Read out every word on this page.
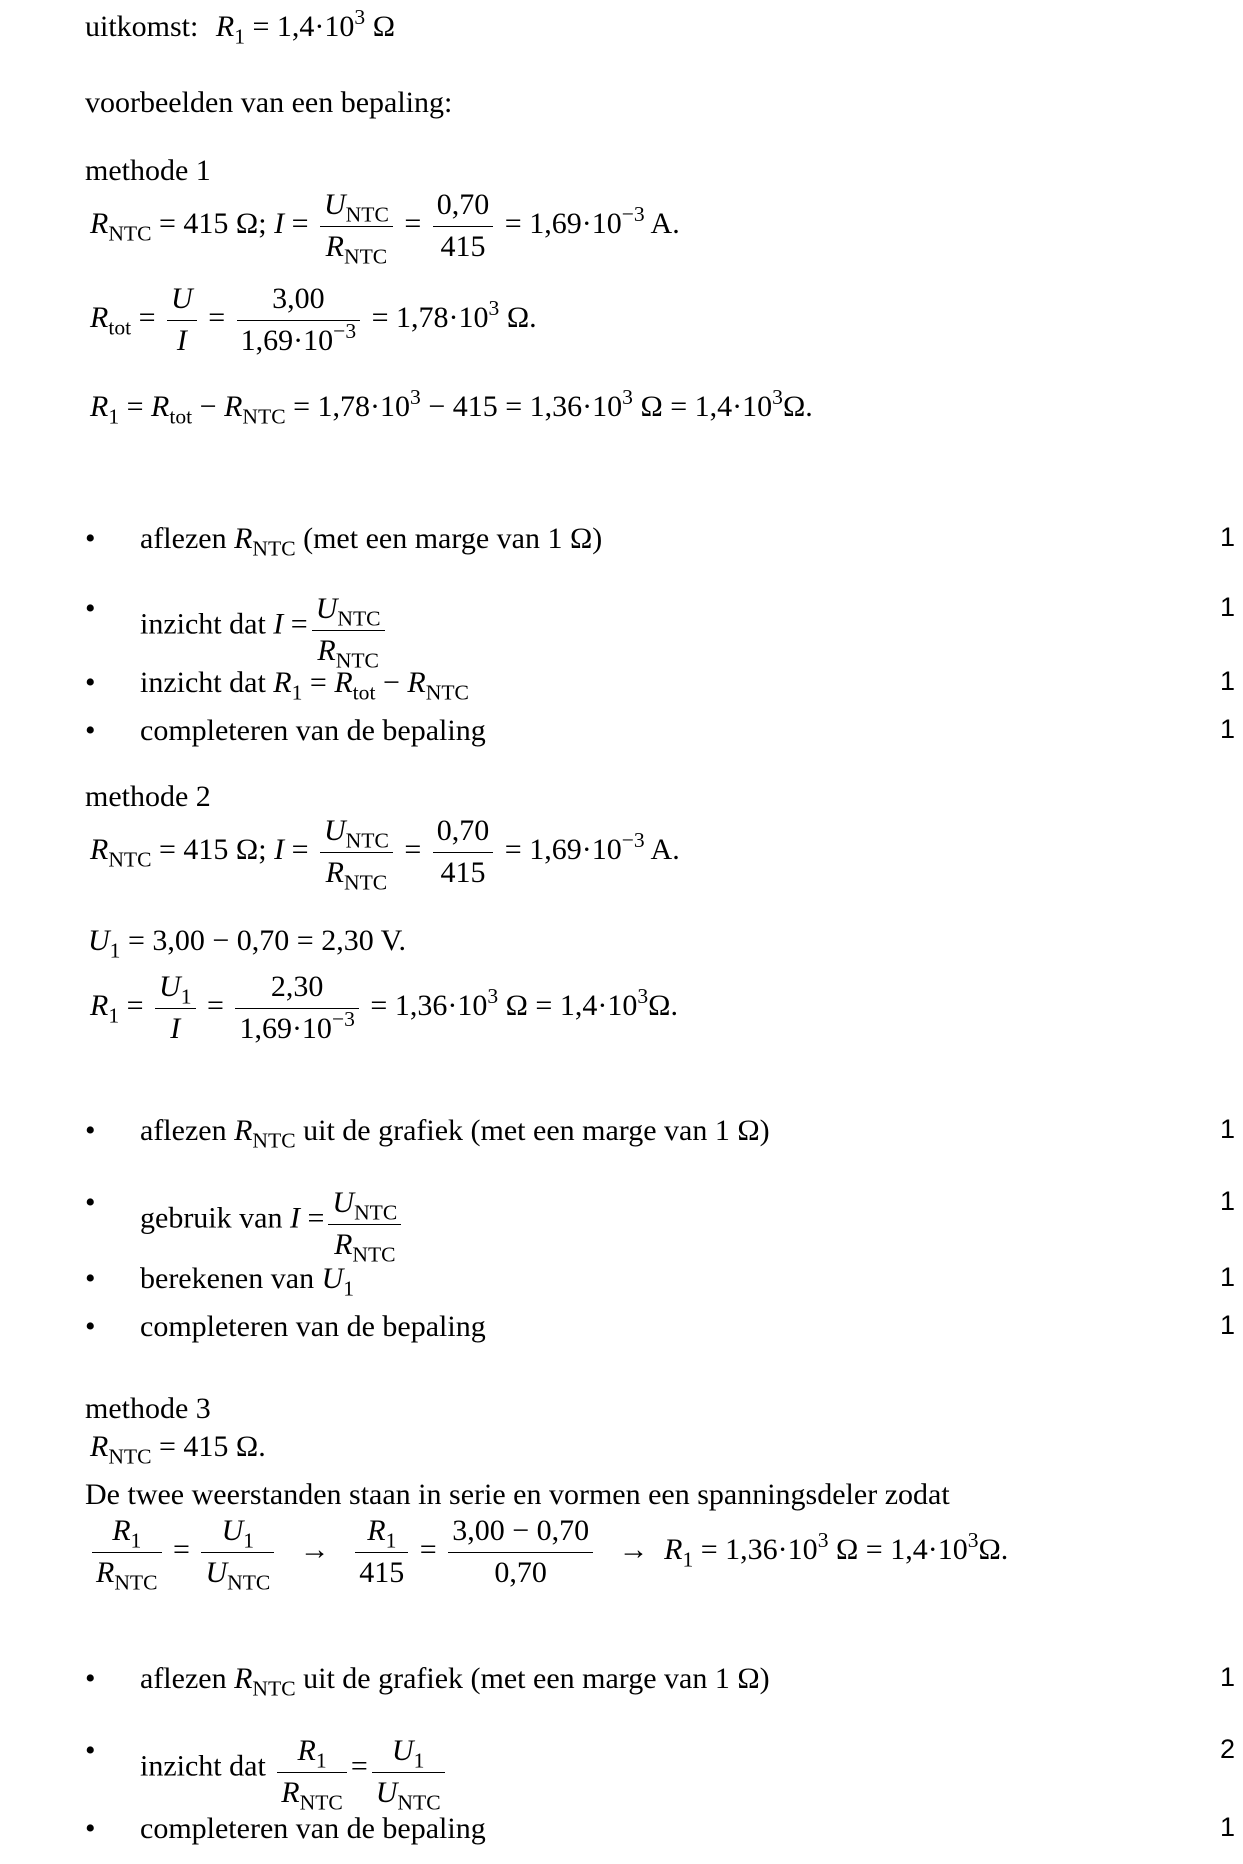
uitkomst: $R_1 = 1,4\cdot 10^3$ Ω
voorbeelden van een bepaling:
methode 1
$R_{NTC} = 415$ Ω; $I = \frac{U_{NTC}}{R_{NTC}} = \frac{0,70}{415} = 1,69\cdot 10^{-3}$ A.
$R_{tot} = \frac{U}{I} = \frac{3,00}{1,69\cdot 10^{-3}} = 1,78\cdot 10^3$ Ω.
$R_1 = R_{tot} - R_{NTC} = 1,78\cdot 10^3 - 415 = 1,36\cdot 10^3$ $\Omega = 1,4\cdot 10^3\Omega$.
• aflezen $R_{NTC}$ (met een marge van 1 Ω)	1
• inzicht dat $I = \frac{U_{NTC}}{R_{NTC}}$	1
• inzicht dat $R_1 = R_{tot} - R_{NTC}$	1
• completeren van de bepaling	1
methode 2
$R_{NTC} = 415$ Ω; $I = \frac{U_{NTC}}{R_{NTC}} = \frac{0,70}{415} = 1,69\cdot 10^{-3}$ A.
$U_1 = 3,00 - 0,70 = 2,30$ V.
$R_1 = \frac{U_1}{I} = \frac{2,30}{1,69\cdot 10^{-3}} = 1,36\cdot 10^3$ $\Omega = 1,4\cdot 10^3\Omega$.
• aflezen $R_{NTC}$ uit de grafiek (met een marge van 1 Ω)	1
• gebruik van $I = \frac{U_{NTC}}{R_{NTC}}$	1
• berekenen van $U_1$	1
• completeren van de bepaling	1
methode 3
$R_{NTC} = 415$ Ω.
De twee weerstanden staan in serie en vormen een spanningsdeler zodat
$\frac{R_1}{R_{NTC}} = \frac{U_1}{U_{NTC}} \to \frac{R_1}{415} = \frac{3,00 - 0,70}{0,70} \to R_1 = 1,36\cdot 10^3$ $\Omega = 1,4\cdot 10^3\Omega$.
• aflezen $R_{NTC}$ uit de grafiek (met een marge van 1 Ω)	1
• inzicht dat $\frac{R_1}{R_{NTC}} = \frac{U_1}{U_{NTC}}$	2
• completeren van de bepaling	1
